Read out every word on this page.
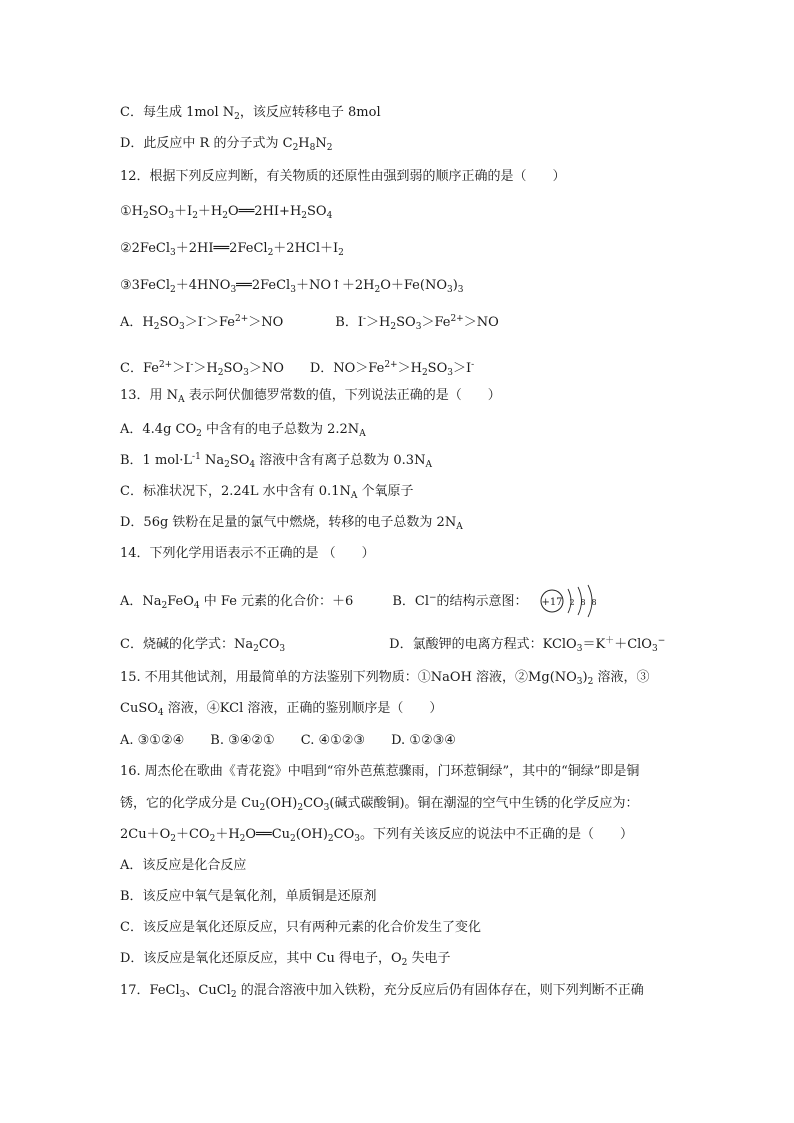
C．每生成 1mol $N_2$，该反应转移电子 8mol
D．此反应中 R 的分子式为 $C_2H_8N_2$
12．根据下列反应判断，有关物质的还原性由强到弱的顺序正确的是（　　）
$①H_2SO_3+I_2+H_2O══2HI+H_2SO_4$
$②2FeCl_3+2HI══2FeCl_2+2HCl+I_2$
$③3FeCl_2+4HNO_3══2FeCl_3+NO↑+2H_2O+Fe(NO_3)_3$
A．$H_2SO_3>I^->Fe^{2+}>NO$　　　　B．$I^->H_2SO_3>Fe^{2+}>NO$
C．$Fe^{2+}>I^->H_2SO_3>NO$　　D．$NO>Fe^{2+}>H_2SO_3>I^-$
13．用 $N_A$ 表示阿伏伽德罗常数的值，下列说法正确的是（　　）
A．4.4g $CO_2$ 中含有的电子总数为 $2.2N_A$
B．1 $mol\cdot L^{-1}$ $Na_2SO_4$ 溶液中含有离子总数为 $0.3N_A$
C．标准状况下，2.24L 水中含有 $0.1N_A$ 个氧原子
D．56g 铁粉在足量的氯气中燃烧，转移的电子总数为 $2N_A$
14．下列化学用语表示不正确的是 （　　）
A．$Na_2FeO_4$ 中 Fe 元素的化合价：＋6　　　B．Cl−的结构示意图： +17 2 8 8
C．烧碱的化学式：$Na_2CO_3$　　　　　　　　D．氯酸钾的电离方程式：KClO$_3$＝K＋＋ClO$_3$−
15. 不用其他试剂，用最简单的方法鉴别下列物质：①NaOH 溶液，$②Mg(NO_3)_2$ 溶液，③
CuSO$_4$ 溶液，④KCl 溶液，正确的鉴别顺序是（　　）
A. ③①②④　　B. ③④②①　　C. ④①②③　　D. ①②③④
16. 周杰伦在歌曲《青花瓷》中唱到“帘外芭蕉惹骤雨，门环惹铜绿”，其中的“铜绿”即是铜
锈，它的化学成分是 $Cu_2(OH)_2CO_3$(碱式碳酸铜)。铜在潮湿的空气中生锈的化学反应为：
$2Cu+O_2+CO_2+H_2O══Cu_2(OH)_2CO_3$。下列有关该反应的说法中不正确的是（　　）
A．该反应是化合反应
B．该反应中氧气是氧化剂，单质铜是还原剂
C．该反应是氧化还原反应，只有两种元素的化合价发生了变化
D．该反应是氧化还原反应，其中 Cu 得电子，$O_2$ 失电子
17．FeCl$_3$、CuCl$_2$ 的混合溶液中加入铁粉，充分反应后仍有固体存在，则下列判断不正确
